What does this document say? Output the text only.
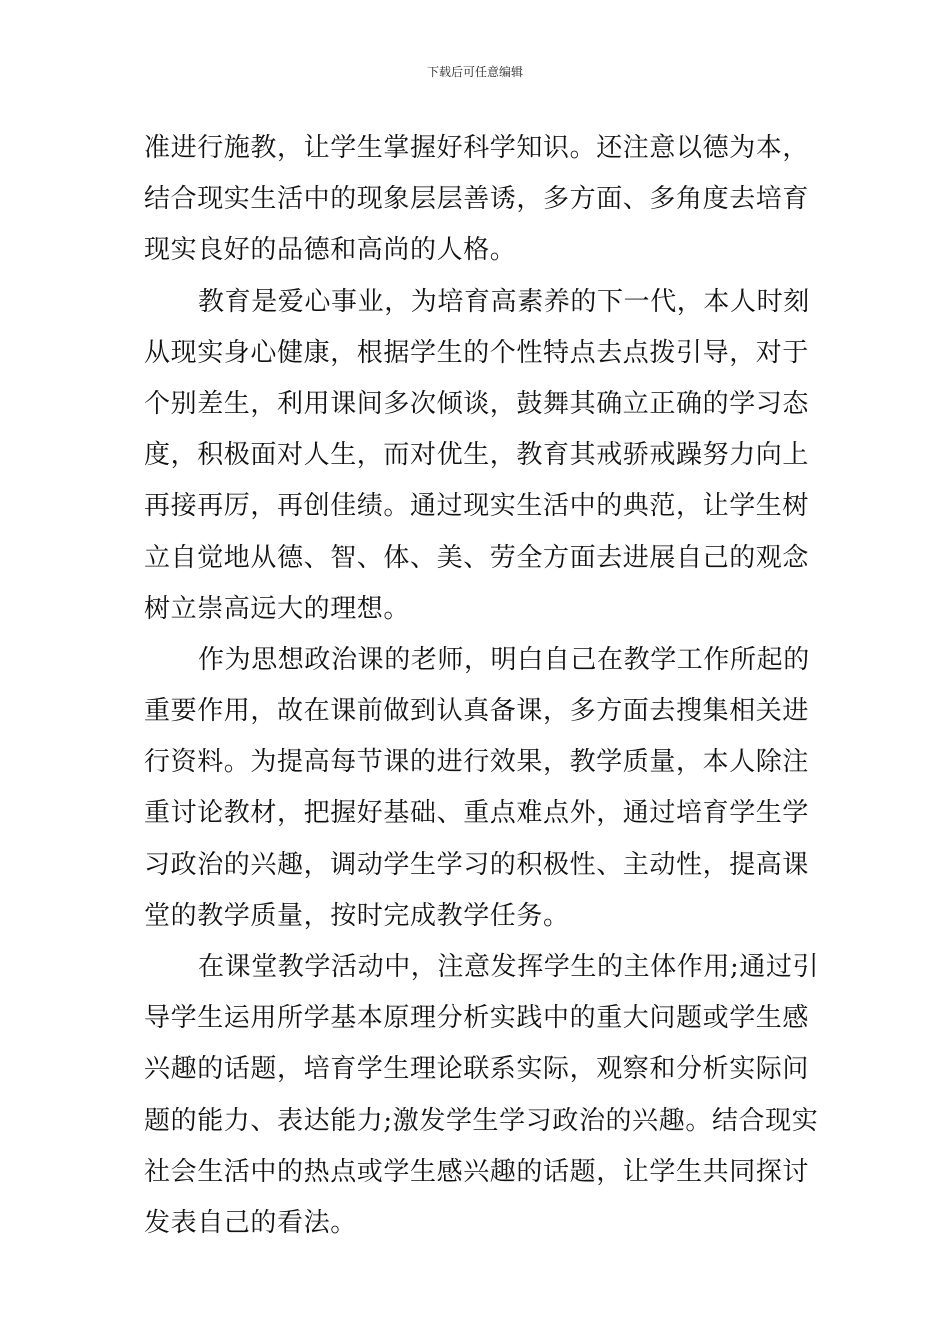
下载后可任意编辑
准进行施教，让学生掌握好科学知识。还注意以德为本，
结合现实生活中的现象层层善诱，多方面、多角度去培育
现实良好的品德和高尚的人格。
教育是爱心事业，为培育高素养的下一代，本人时刻
从现实身心健康，根据学生的个性特点去点拨引导，对于
个别差生，利用课间多次倾谈，鼓舞其确立正确的学习态
度，积极面对人生，而对优生，教育其戒骄戒躁努力向上
再接再厉，再创佳绩。通过现实生活中的典范，让学生树
立自觉地从德、智、体、美、劳全方面去进展自己的观念
树立崇高远大的理想。
作为思想政治课的老师，明白自己在教学工作所起的
重要作用，故在课前做到认真备课，多方面去搜集相关进
行资料。为提高每节课的进行效果，教学质量，本人除注
重讨论教材，把握好基础、重点难点外，通过培育学生学
习政治的兴趣，调动学生学习的积极性、主动性，提高课
堂的教学质量，按时完成教学任务。
在课堂教学活动中，注意发挥学生的主体作用;通过引
导学生运用所学基本原理分析实践中的重大问题或学生感
兴趣的话题，培育学生理论联系实际，观察和分析实际问
题的能力、表达能力;激发学生学习政治的兴趣。结合现实
社会生活中的热点或学生感兴趣的话题，让学生共同探讨
发表自己的看法。
